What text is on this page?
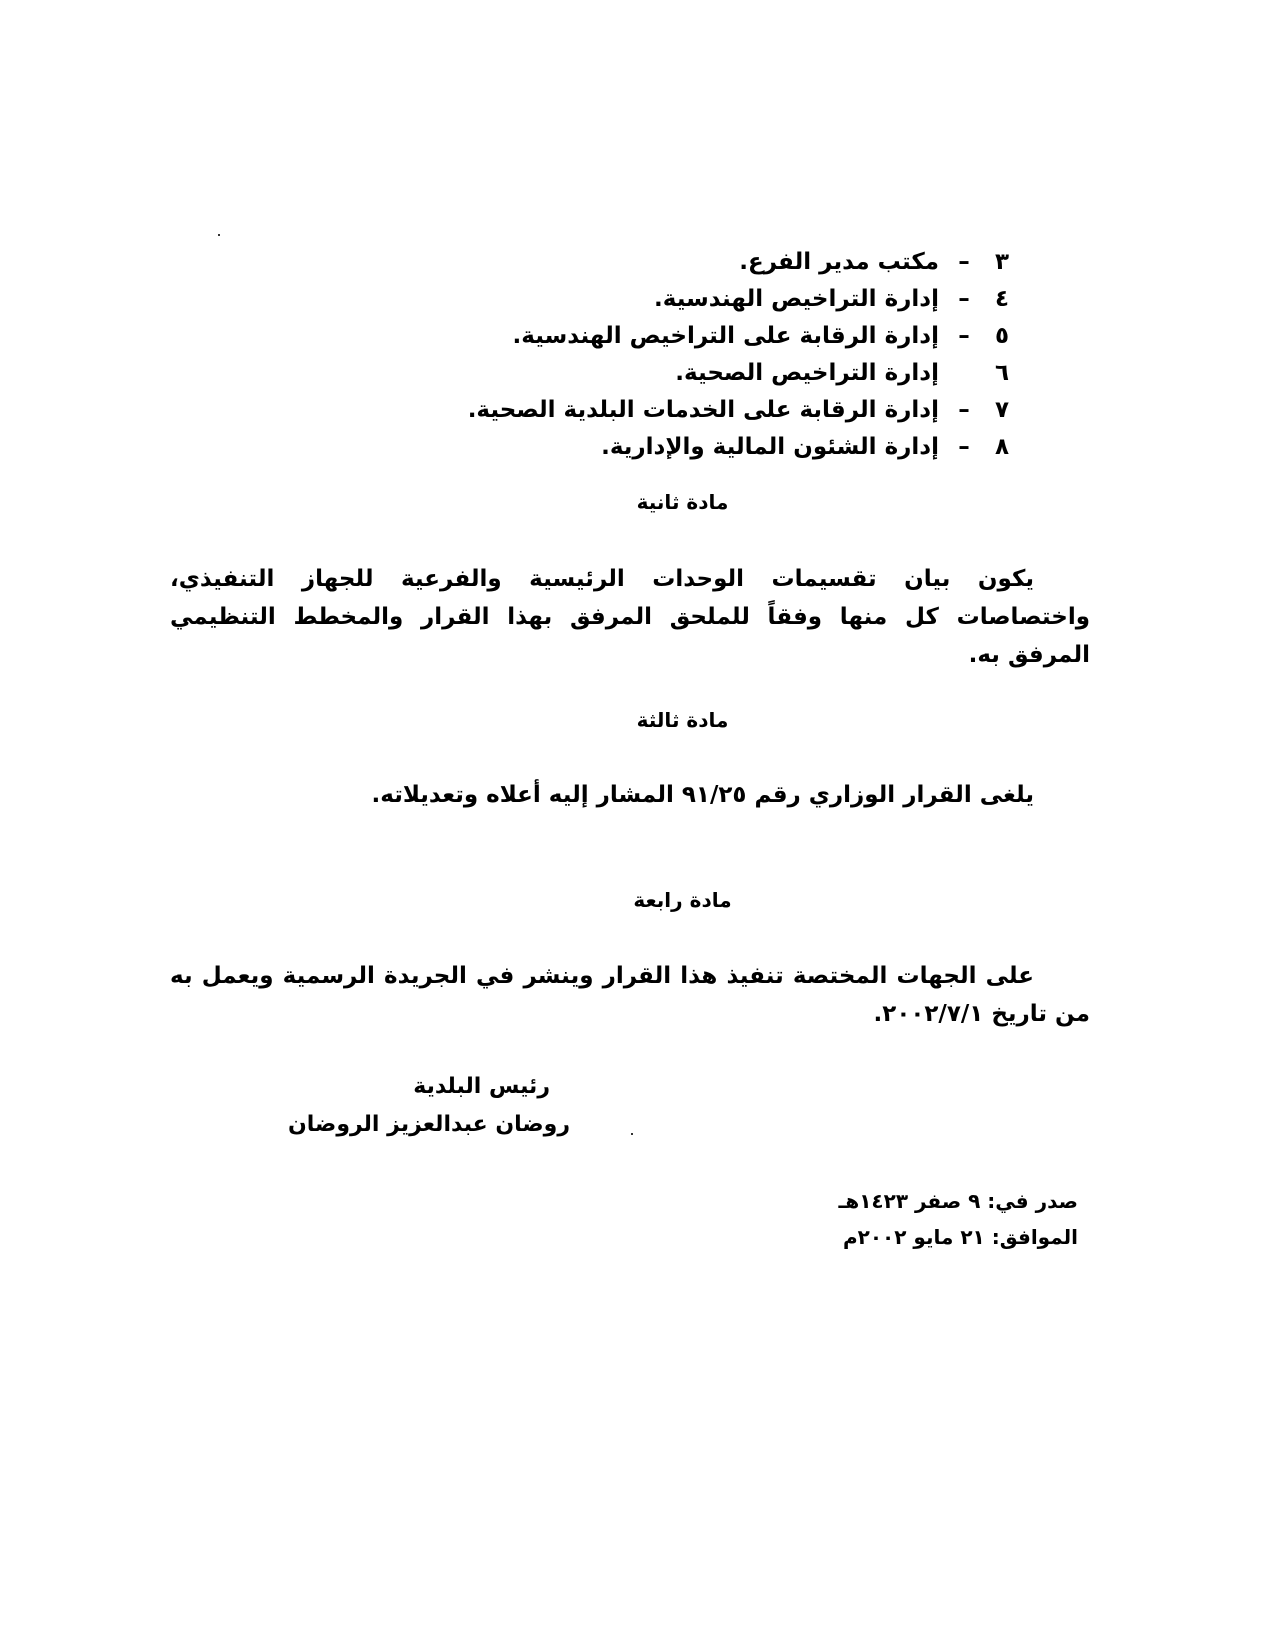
٣ – مكتب مدير الفرع.
٤ – إدارة التراخيص الهندسية.
٥ – إدارة الرقابة على التراخيص الهندسية.
٦  إدارة التراخيص الصحية.
٧ – إدارة الرقابة على الخدمات البلدية الصحية.
٨ – إدارة الشئون المالية والإدارية.
مادة ثانية
يكون بيان تقسيمات الوحدات الرئيسية والفرعية للجهاز التنفيذي، واختصاصات كل منها وفقاً للملحق المرفق بهذا القرار والمخطط التنظيمي المرفق به.
مادة ثالثة
يلغى القرار الوزاري رقم ٩١/٢٥ المشار إليه أعلاه وتعديلاته.
مادة رابعة
على الجهات المختصة تنفيذ هذا القرار وينشر في الجريدة الرسمية ويعمل به من تاريخ ٢٠٠٢/٧/١.
رئيس البلدية
روضان عبدالعزيز الروضان
صدر في: ٩ صفر ١٤٢٣هـ
الموافق: ٢١ مايو ٢٠٠٢م
